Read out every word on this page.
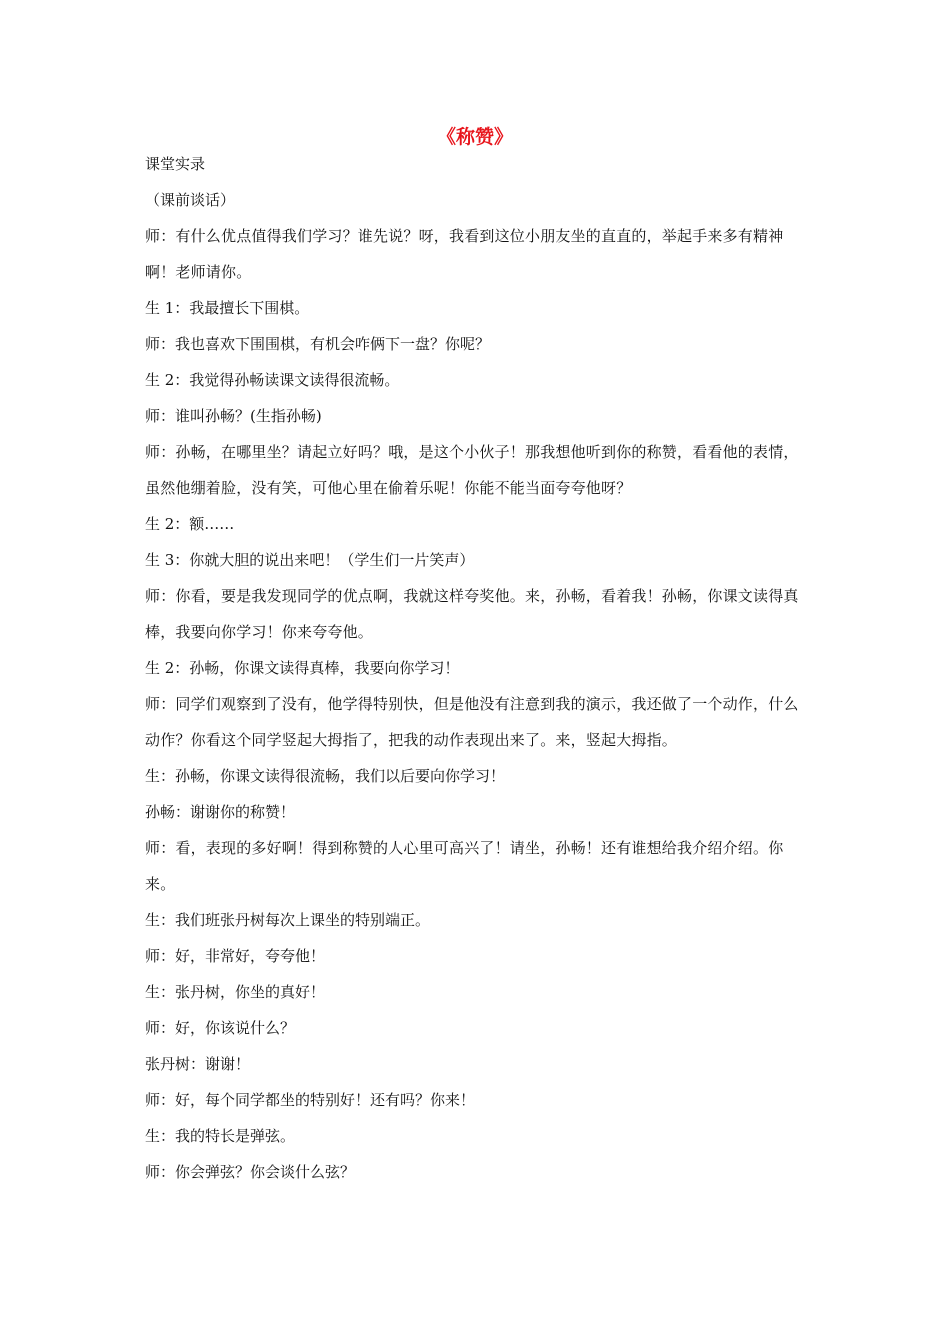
《称赞》
课堂实录
（课前谈话）
师：有什么优点值得我们学习？谁先说？呀，我看到这位小朋友坐的直直的，举起手来多有精神啊！老师请你。
生 1：我最擅长下围棋。
师：我也喜欢下围围棋，有机会咋俩下一盘？你呢？
生 2：我觉得孙畅读课文读得很流畅。
师：谁叫孙畅？(生指孙畅)
师：孙畅，在哪里坐？请起立好吗？哦，是这个小伙子！那我想他听到你的称赞，看看他的表情，虽然他绷着脸，没有笑，可他心里在偷着乐呢！你能不能当面夸夸他呀？
生 2：额……
生 3：你就大胆的说出来吧！（学生们一片笑声）
师：你看，要是我发现同学的优点啊，我就这样夸奖他。来，孙畅，看着我！孙畅，你课文读得真棒，我要向你学习！你来夸夸他。
生 2：孙畅，你课文读得真棒，我要向你学习！
师：同学们观察到了没有，他学得特别快，但是他没有注意到我的演示，我还做了一个动作，什么动作？你看这个同学竖起大拇指了，把我的动作表现出来了。来，竖起大拇指。
生：孙畅，你课文读得很流畅，我们以后要向你学习！
孙畅：谢谢你的称赞！
师：看，表现的多好啊！得到称赞的人心里可高兴了！请坐，孙畅！还有谁想给我介绍介绍。你来。
生：我们班张丹树每次上课坐的特别端正。
师：好，非常好，夸夸他！
生：张丹树，你坐的真好！
师：好，你该说什么？
张丹树：谢谢！
师：好，每个同学都坐的特别好！还有吗？你来！
生：我的特长是弹弦。
师：你会弹弦？你会谈什么弦？
